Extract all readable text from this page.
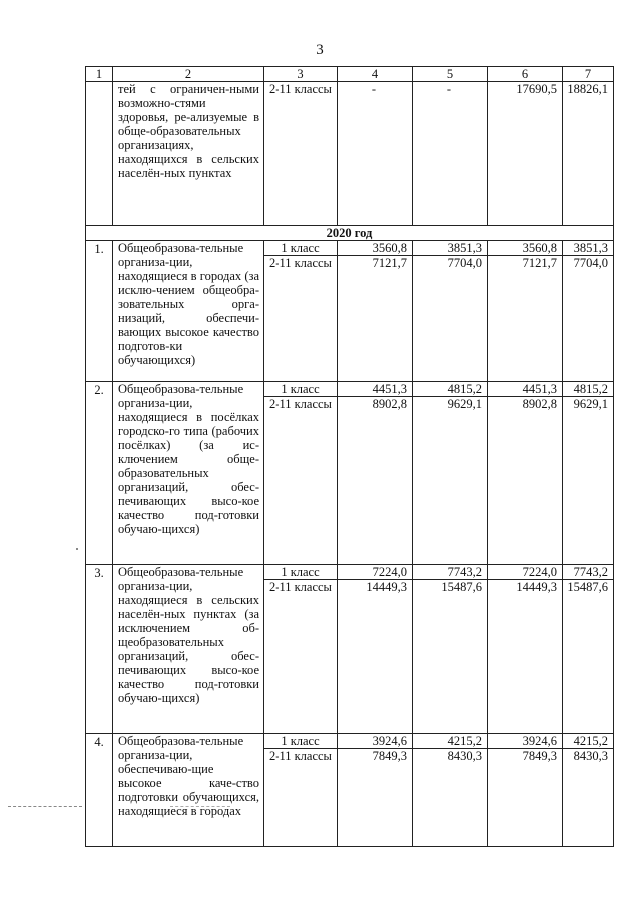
3
1	2	3	4	5	6	7
	тей с ограничен-ными возможно-стями здоровья, ре-ализуемые в обще-образовательных организациях, находящихся в сельских населён-ных пунктах	2-11 классы	-	-	17690,5	18826,1
2020 год						
1.	Общеобразова-тельные организа-ции, находящиеся в городах (за исклю-чением общеобра-зовательных орга-низаций, обеспечи-вающих высокое качество подготов-ки обучающихся)	1 класс	3560,8	3851,3	3560,8	3851,3
		2-11 классы	7121,7	7704,0	7121,7	7704,0
2.	Общеобразова-тельные организа-ции, находящиеся в посёлках городско-го типа (рабочих посёлках) (за ис-ключением обще-образовательных организаций, обес-печивающих высо-кое качество под-готовки обучаю-щихся)	1 класс	4451,3	4815,2	4451,3	4815,2
		2-11 классы	8902,8	9629,1	8902,8	9629,1
3.	Общеобразова-тельные организа-ции, находящиеся в сельских населён-ных пунктах (за исключением об-щеобразовательных организаций, обес-печивающих высо-кое качество под-готовки обучаю-щихся)	1 класс	7224,0	7743,2	7224,0	7743,2
		2-11 классы	14449,3	15487,6	14449,3	15487,6
4.	Общеобразова-тельные организа-ции, обеспечиваю-щие высокое каче-ство подготовки обучающихся, находящиеся в городах	1 класс	3924,6	4215,2	3924,6	4215,2
		2-11 классы	7849,3	8430,3	7849,3	8430,3
